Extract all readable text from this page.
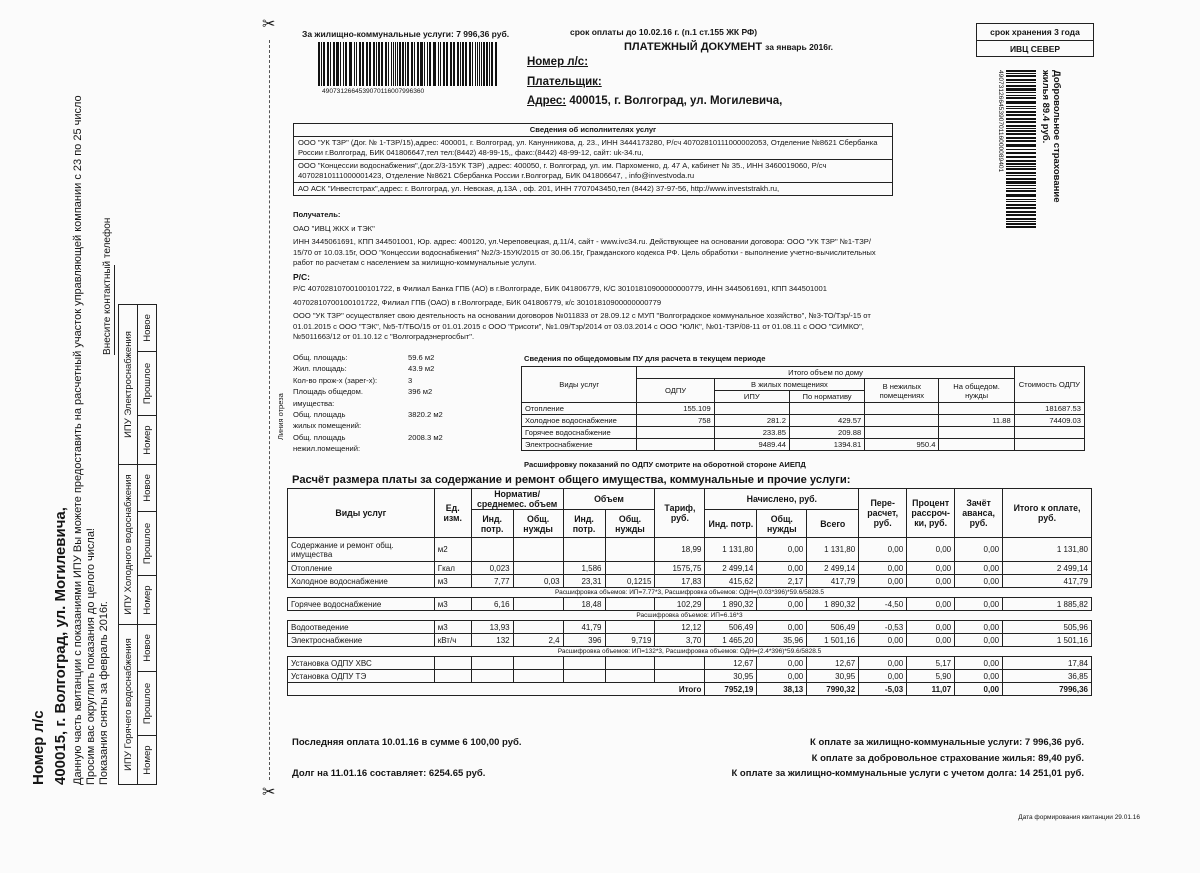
Номер л/с 400015, г. Волгоград, ул. Могилевича, Данную часть квитанции с показаниями ИПУ Вы можете предоставить на расчетный участок управляющей компании с 23 по 25 число Просим вас округлить показания до целого числа! Показания сняты за февраль 2016г.
Внесите контактный телефон
ИПУ Горячего водоснабжения			ИПУ Холодного водоснабжения			ИПУ Электроснабжения		
Номер	Прошлое	Новое	Номер	Прошлое	Новое	Номер	Прошлое	Новое
✂
✂
Линия отреза
За жилищно-коммунальные услуги: 7 996,36 руб.
4907312664539070116007996360
срок оплаты до 10.02.16 г. (п.1 ст.155 ЖК РФ)
ПЛАТЕЖНЫЙ ДОКУМЕНТ за январь 2016г.
Номер л/с:
Плательщик:
Адрес: 400015, г. Волгоград, ул. Могилевича,
срок хранения 3 года
ИВЦ СЕВЕР
Добровольное страхование жилья 89.4 руб.
4907312664539070116000089401
Сведения об исполнителях услуг
ООО "УК ТЗР" (Дог. № 1-ТЗР/15),адрес: 400001, г. Волгоград, ул. Канунникова, д. 23., ИНН 3444173280, Р/сч 40702810111000002053, Отделение №8621 Сбербанка России г.Волгоград, БИК 041806647,тел тел:(8442) 48-99-15,, факс:(8442) 48-99-12, сайт: uk-34.ru,
ООО "Концессии водоснабжения",(дог.2/3-15УК ТЗР) ,адрес: 400050, г. Волгоград, ул. им. Пархоменко, д. 47 А, кабинет № 35., ИНН 3460019060, Р/сч 40702810111000001423, Отделение №8621 Сбербанка России г.Волгоград, БИК 041806647, , info@investvoda.ru
АО АСК "Инвестстрах",адрес: г. Волгоград, ул. Невская, д.13А , оф. 201, ИНН 7707043450,тел (8442) 37-97-56, http://www.investstrakh.ru,
Получатель:
ОАО "ИВЦ ЖКХ и ТЭК"
ИНН 3445061691, КПП 344501001, Юр. адрес: 400120, ул.Череповецкая, д.11/4, сайт - www.ivc34.ru. Действующее на основании договора: ООО "УК ТЗР" №1-ТЗР/
15/70 от 10.03.15г, ООО "Концессии водоснабжения" №2/3-15УК/2015 от 30.06.15г, Гражданского кодекса РФ. Цель обработки - выполнение учетно-вычислительных
работ по расчетам с населением за жилищно-коммунальные услуги.
Р/С:
Р/С 40702810700100101722, в Филиал Банка ГПБ (АО) в г.Волгограде, БИК 041806779, К/С 30101810900000000779, ИНН 3445061691, КПП 344501001
40702810700100101722, Филиал ГПБ (ОАО) в г.Волгограде, БИК 041806779, к/с 30101810900000000779
ООО "УК ТЗР" осуществляет свою деятельность на основании договоров №011833 от 28.09.12 с МУП "Волгоградское коммунальное хозяйство", №3-ТО/Тзр/-15 от
01.01.2015 с ООО "ТЭК", №5-Т/ТБО/15 от 01.01.2015 с ООО "Грисоти", №1.09/Тзр/2014 от 03.03.2014 с ООО "ЮЛК", №01-ТЗР/08-11 от 01.08.11 с ООО "СИМКО",
№5011663/12 от 01.10.12 с "Волгоградэнергосбыт".
Общ. площадь:	59.6 м2
Жил. площадь:	43.9 м2
Кол-во прож-х (зарег-х):	3
Площадь общедом.	396 м2
имущества:
Общ. площадь	3820.2 м2
жилых помещений:
Общ. площадь	2008.3 м2
нежил.помещений:
Сведения по общедомовым ПУ для расчета в текущем периоде
Виды услуг	Итого объем по дому					Стоимость ОДПУ
	ОДПУ	В жилых помещениях		В нежилых помещениях	На общедом. нужды	
		ИПУ	По нормативу			
Отопление	155.109					181687.53
Холодное водоснабжение	758	281.2	429.57		11.88	74409.03
Горячее водоснабжение		233.85	209.88			
Электроснабжение		9489.44	1394.81	950.4		
Расшифровку показаний по ОДПУ смотрите на оборотной стороне АИЕПД
Расчёт размера платы за содержание и ремонт общего имущества, коммунальные и прочие услуги:
Виды услуг	Ед. изм.	Норматив/ среднемес. объем		Объем		Тариф, руб.	Начислено, руб.			Пере- расчет, руб.	Процент рассроч- ки, руб.	Зачёт аванса, руб.	Итого к оплате, руб.
		Инд. потр.	Общ. нужды	Инд. потр.	Общ. нужды		Инд. потр.	Общ. нужды	Всего				
Содержание и ремонт общ. имущества	м2					18,99	1 131,80	0,00	1 131,80	0,00	0,00	0,00	1 131,80
Отопление	Гкал	0,023		1,586		1575,75	2 499,14	0,00	2 499,14	0,00	0,00	0,00	2 499,14
Холодное водоснабжение	м3	7,77	0,03	23,31	0,1215	17,83	415,62	2,17	417,79	0,00	0,00	0,00	417,79
Расшифровка объемов: ИП=7.77*3, Расшифровка объемов: ОДН=(0.03*396)*59.6/5828.5													
Горячее водоснабжение	м3	6,16		18,48		102,29	1 890,32	0,00	1 890,32	-4,50	0,00	0,00	1 885,82
Расшифровка объемов: ИП=6.16*3													
Водоотведение	м3	13,93		41,79		12,12	506,49	0,00	506,49	-0,53	0,00	0,00	505,96
Электроснабжение	кВт/ч	132	2,4	396	9,719	3,70	1 465,20	35,96	1 501,16	0,00	0,00	0,00	1 501,16
Расшифровка объемов: ИП=132*3, Расшифровка объемов: ОДН=(2.4*396)*59.6/5828.5													
Установка ОДПУ ХВС							12,67	0,00	12,67	0,00	5,17	0,00	17,84
Установка ОДПУ ТЭ							30,95	0,00	30,95	0,00	5,90	0,00	36,85
Итого							7952,19	38,13	7990,32	-5,03	11,07	0,00	7996,36
Последняя оплата 10.01.16 в сумме 6 100,00 руб.
Долг на 11.01.16 составляет: 6254.65 руб.
К оплате за жилищно-коммунальные услуги: 7 996,36 руб.
К оплате за добровольное страхование жилья: 89,40 руб.
К оплате за жилищно-коммунальные услуги с учетом долга: 14 251,01 руб.
Дата формирования квитанции 29.01.16
